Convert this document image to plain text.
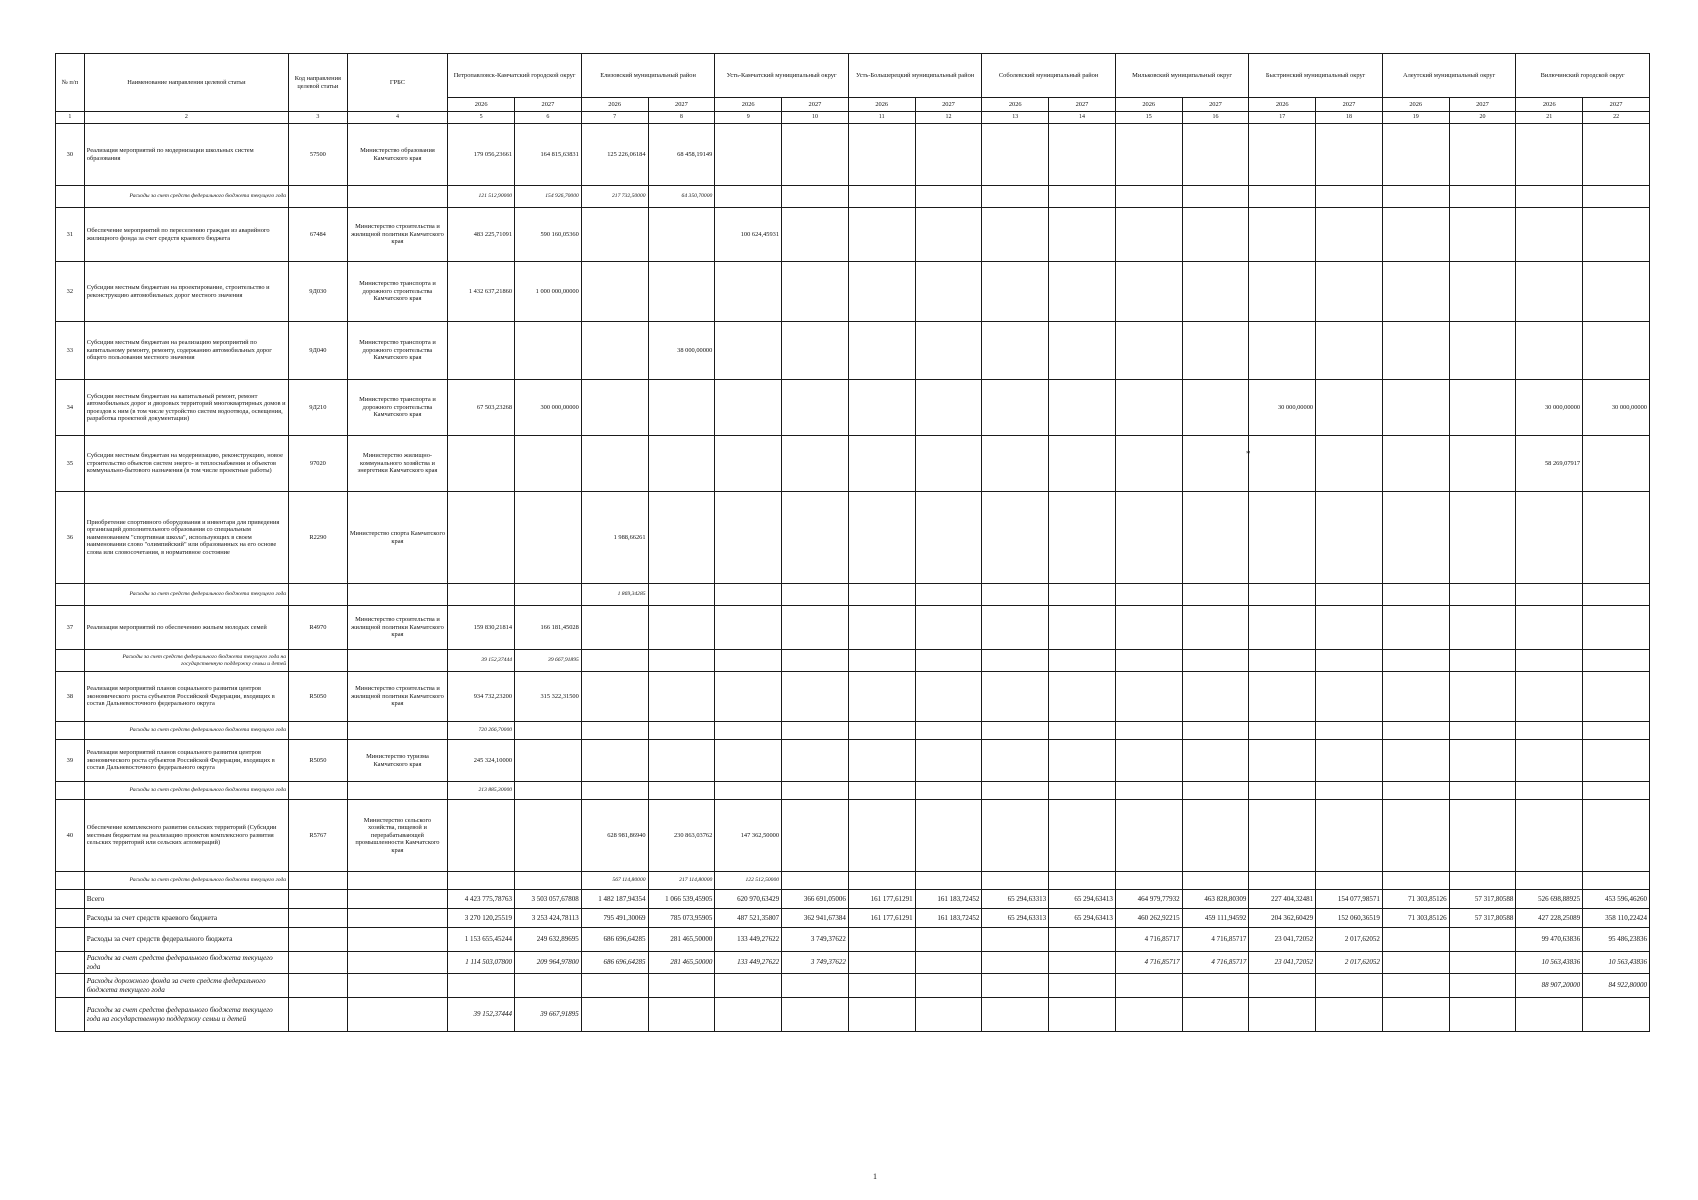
№ п/п	Наименование направления целевой статьи	Код направления целевой статьи	ГРБС	Петропавловск-Камчатский городской округ		Елизовский муниципальный район		Усть-Камчатский муниципальный округ		Усть-Большерецкий муниципальный район		Соболевский муниципальный район		Мильковский муниципальный округ		Быстринский муниципальный округ		Алеутский муниципальный округ		Вилючинский городской округ	
				2026	2027	2026	2027	2026	2027	2026	2027	2026	2027	2026	2027	2026	2027	2026	2027	2026	2027
1	2	3	4	5	6	7	8	9	10	11	12	13	14	15	16	17	18	19	20	21	22
30	Реализация мероприятий по модернизации школьных систем образования	57500	Министерство образования Камчатского края	179 056,23661	164 815,63831	125 226,06184	68 458,19149														
	Расходы за счет средств федерального бюджета текущего года			121 512,90000	154 926,70000	217 732,50000	64 350,70000														
31	Обеспечение мероприятий по переселению граждан из аварийного жилищного фонда за счет средств краевого бюджета	67484	Министерство строительства и жилищной политики Камчатского края	483 225,71091	590 160,05360			100 624,45931													
32	Субсидии местным бюджетам на проектирование, строительство и реконструкцию автомобильных дорог местного значения	9Д030	Министерство транспорта и дорожного строительства Камчатского края	1 432 637,21860	1 000 000,00000																
33	Субсидии местным бюджетам на реализацию мероприятий по капитальному ремонту, ремонту, содержанию автомобильных дорог общего пользования местного значения	9Д040	Министерство транспорта и дорожного строительства Камчатского края				38 000,00000														
34	Субсидии местным бюджетам на капитальный ремонт, ремонт автомобильных дорог и дворовых территорий многоквартирных домов и проездов к ним (в том числе устройство систем водоотвода, освещения, разработка проектной документации)	9Д210	Министерство транспорта и дорожного строительства Камчатского края	67 503,23268	300 000,00000											30 000,00000				30 000,00000	30 000,00000
35	Субсидии местным бюджетам на модернизацию, реконструкцию, новое строительство объектов систем энерго- и теплоснабжения и объектов коммунально-бытового назначения (в том числе проектные работы)	97020	Министерство жилищно-коммунального хозяйства и энергетики Камчатского края																	58 269,07917	
36	Приобретение спортивного оборудования и инвентаря для приведения организаций дополнительного образования со специальным наименованием "спортивная школа", использующих в своем наименовании слово "олимпийский" или образованных на его основе слова или словосочетания, в нормативное состояние	R2290	Министерство спорта Камчатского края			1 988,66261															
	Расходы за счет средств федерального бюджета текущего года					1 869,34285															
37	Реализация мероприятий по обеспечению жильем молодых семей	R4970	Министерство строительства и жилищной политики Камчатского края	159 830,21814	166 181,45028																
	Расходы за счет средств федерального бюджета текущего года на государственную поддержку семьи и детей			39 152,37444	39 667,91895																
38	Реализация мероприятий планов социального развития центров экономического роста субъектов Российской Федерации, входящих в состав Дальневосточного федерального округа	R5050	Министерство строительства и жилищной политики Камчатского края	934 732,23200	315 322,31500																
	Расходы за счет средств федерального бюджета текущего года			720 266,70000																	
39	Реализация мероприятий планов социального развития центров экономического роста субъектов Российской Федерации, входящих в состав Дальневосточного федерального округа	R5050	Министерство туризма Камчатского края	245 324,10000																	
	Расходы за счет средств федерального бюджета текущего года			213 885,30000																	
40	Обеспечение комплексного развития сельских территорий (Субсидии местным бюджетам на реализацию проектов комплексного развития сельских территорий или сельских агломераций)	R5767	Министерство сельского хозяйства, пищевой и перерабатывающей промышленности Камчатского края			628 981,86940	230 863,03762	147 362,50000													
	Расходы за счет средств федерального бюджета текущего года					567 114,80000	217 114,80000	122 512,50000													
	Всего			4 423 775,78763	3 503 057,67808	1 482 187,94354	1 066 539,45905	620 970,63429	366 691,05006	161 177,61291	161 183,72452	65 294,63313	65 294,63413	464 979,77932	463 828,80309	227 404,32481	154 077,98571	71 303,85126	57 317,80588	526 698,88925	453 596,46260
	Расходы за счет средств краевого бюджета			3 270 120,25519	3 253 424,78113	795 491,30069	785 073,95905	487 521,35807	362 941,67384	161 177,61291	161 183,72452	65 294,63313	65 294,63413	460 262,92215	459 111,94592	204 362,60429	152 060,36519	71 303,85126	57 317,80588	427 228,25089	358 110,22424
	Расходы за счет средств федерального бюджета			1 153 655,45244	249 632,89695	686 696,64285	281 465,50000	133 449,27622	3 749,37622					4 716,85717	4 716,85717	23 041,72052	2 017,62052			99 470,63836	95 486,23836
	Расходы за счет средств федерального бюджета текущего года			1 114 503,07800	209 964,97800	686 696,64285	281 465,50000	133 449,27622	3 749,37622					4 716,85717	4 716,85717	23 041,72052	2 017,62052			10 563,43836	10 563,43836
	Расходы дорожного фонда за счет средств федерального бюджета текущего года																			88 907,20000	84 922,80000
	Расходы за счет средств федерального бюджета текущего года на государственную поддержку семьи и детей			39 152,37444	39 667,91895																
*
1
